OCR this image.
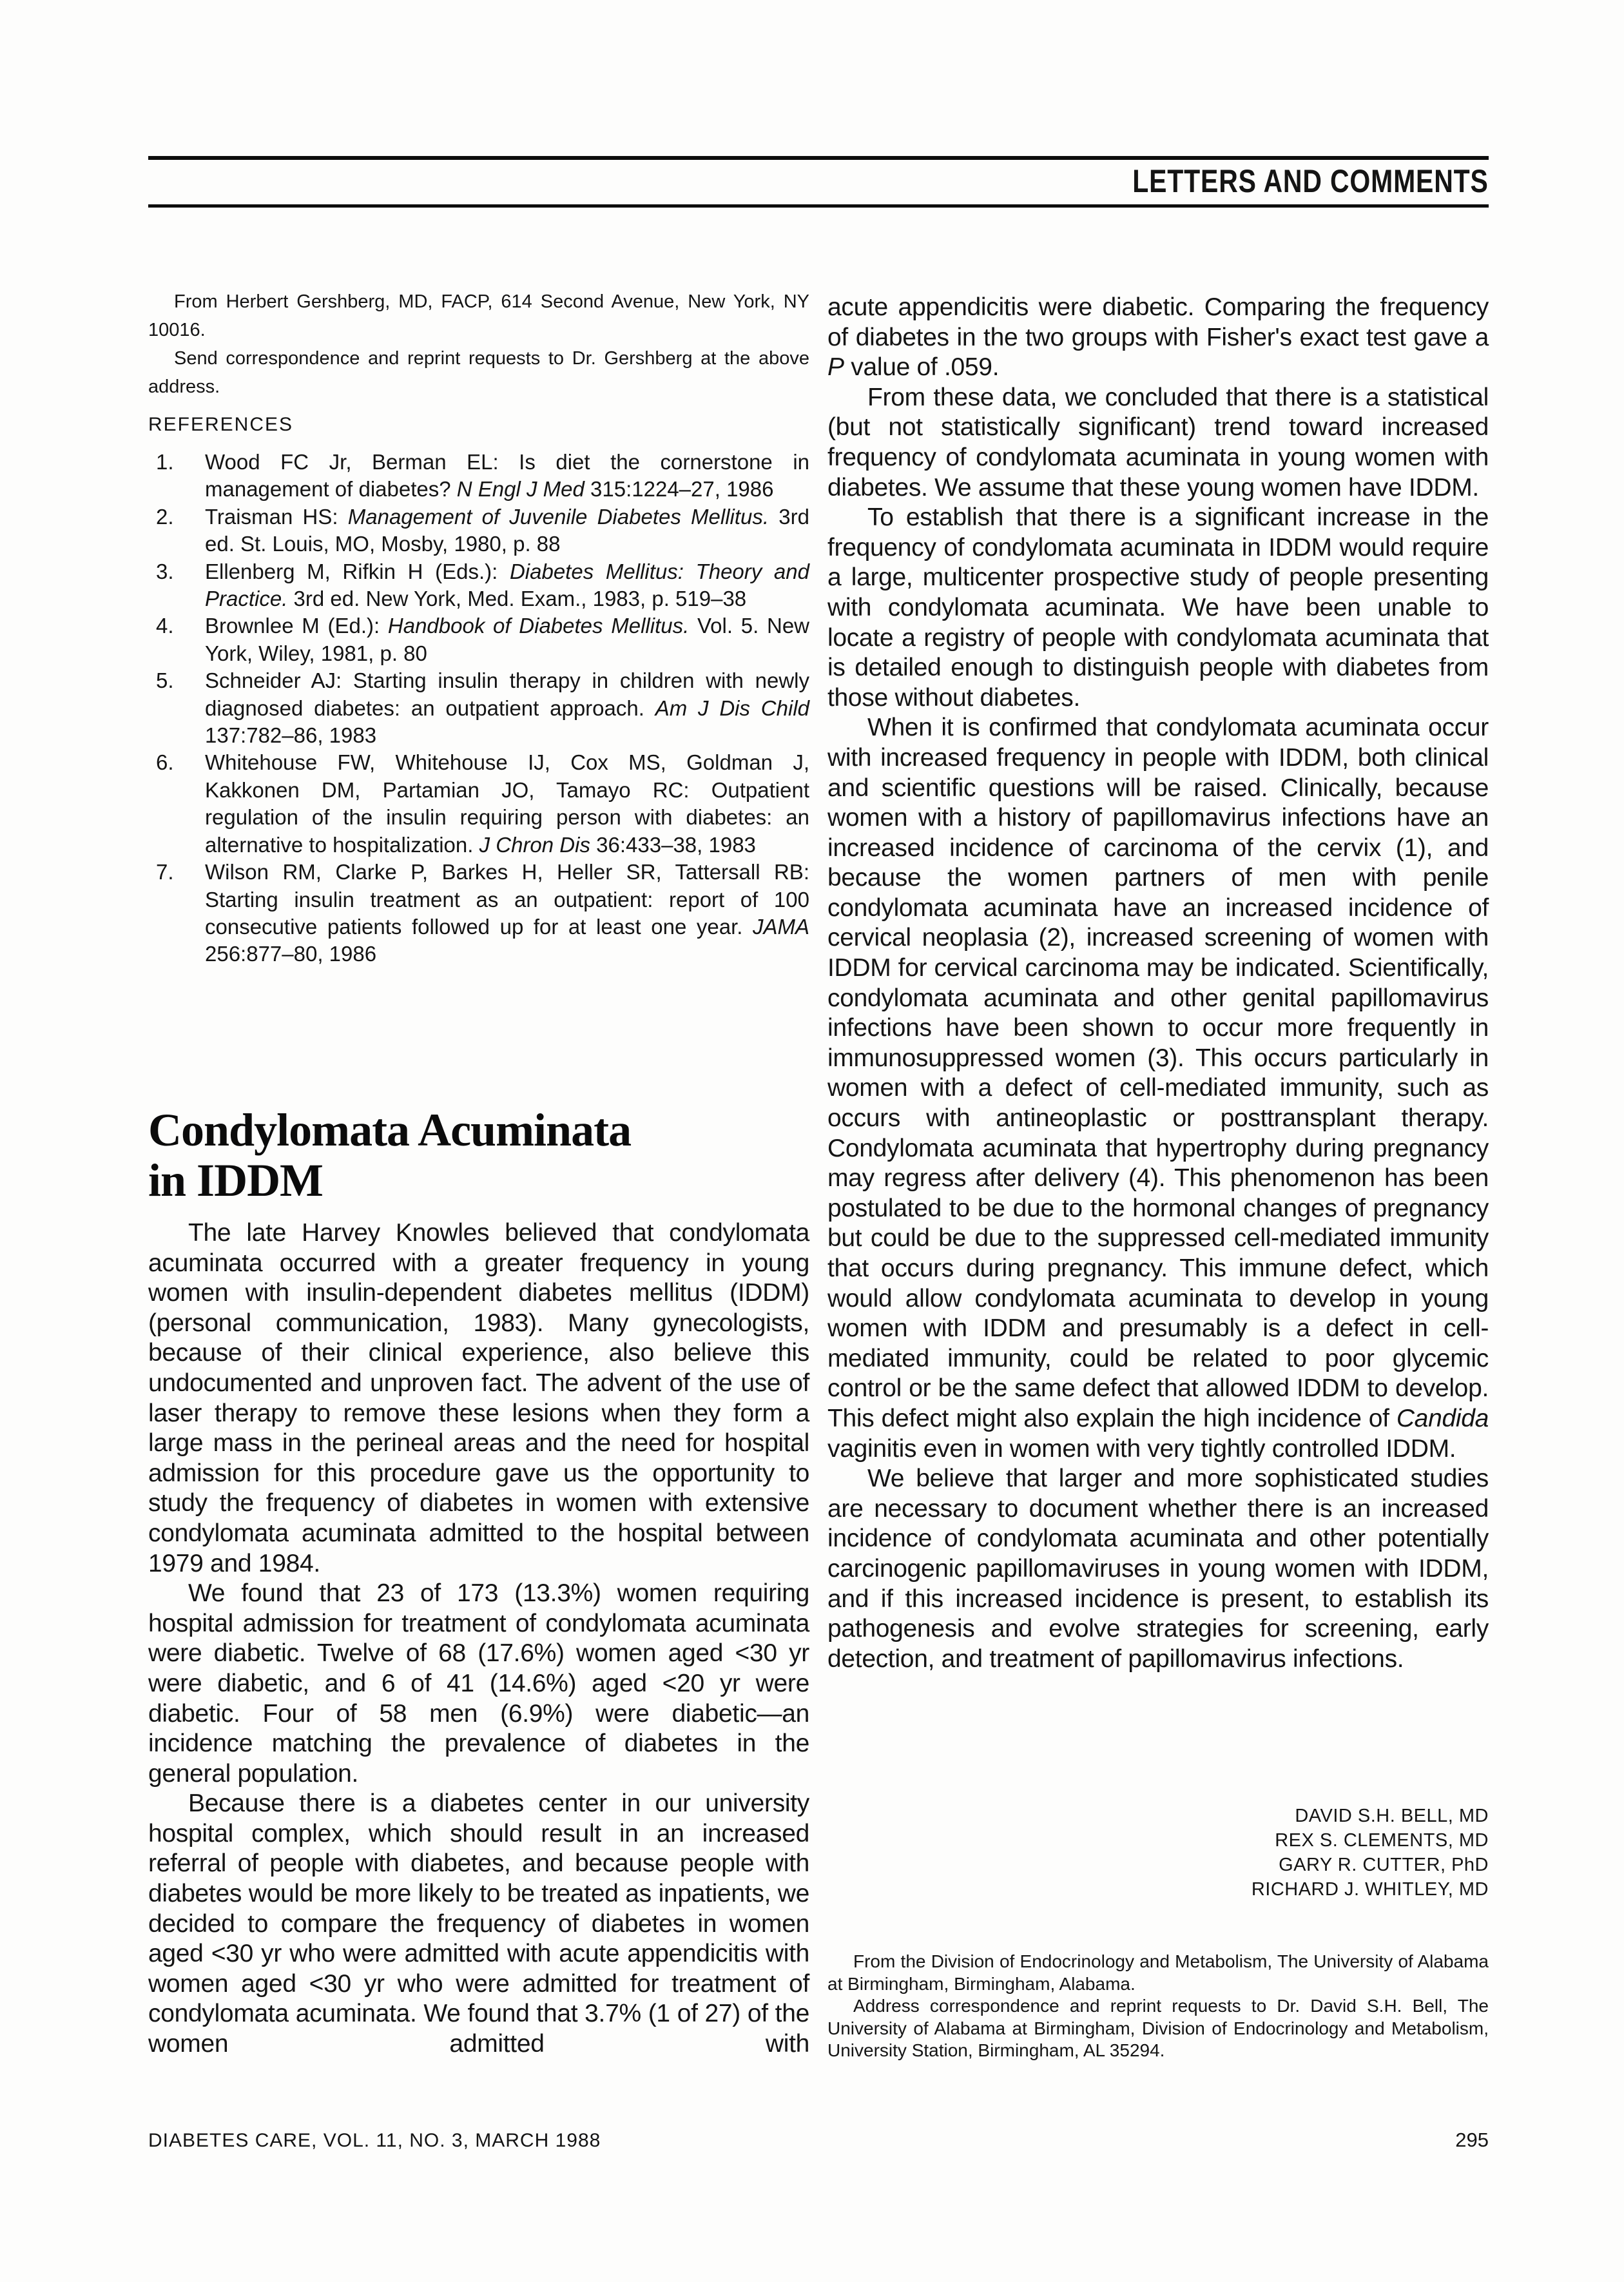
LETTERS AND COMMENTS

From Herbert Gershberg, MD, FACP, 614 Second Avenue, New York, NY 10016.

Send correspondence and reprint requests to Dr. Gershberg at the above address.

REFERENCES
1. Wood FC Jr, Berman EL: Is diet the cornerstone in management of diabetes? N Engl J Med 315:1224–27, 1986
2. Traisman HS: Management of Juvenile Diabetes Mellitus. 3rd ed. St. Louis, MO, Mosby, 1980, p. 88
3. Ellenberg M, Rifkin H (Eds.): Diabetes Mellitus: Theory and Practice. 3rd ed. New York, Med. Exam., 1983, p. 519–38
4. Brownlee M (Ed.): Handbook of Diabetes Mellitus. Vol. 5. New York, Wiley, 1981, p. 80
5. Schneider AJ: Starting insulin therapy in children with newly diagnosed diabetes: an outpatient approach. Am J Dis Child 137:782–86, 1983
6. Whitehouse FW, Whitehouse IJ, Cox MS, Goldman J, Kakkonen DM, Partamian JO, Tamayo RC: Outpatient regulation of the insulin requiring person with diabetes: an alternative to hospitalization. J Chron Dis 36:433–38, 1983
7. Wilson RM, Clarke P, Barkes H, Heller SR, Tattersall RB: Starting insulin treatment as an outpatient: report of 100 consecutive patients followed up for at least one year. JAMA 256:877–80, 1986
Condylomata Acuminata
in IDDM

The late Harvey Knowles believed that condylomata acuminata occurred with a greater frequency in young women with insulin-dependent diabetes mellitus (IDDM) (personal communication, 1983). Many gynecologists, because of their clinical experience, also believe this undocumented and unproven fact. The advent of the use of laser therapy to remove these lesions when they form a large mass in the perineal areas and the need for hospital admission for this procedure gave us the opportunity to study the frequency of diabetes in women with extensive condylomata acuminata admitted to the hospital between 1979 and 1984.

We found that 23 of 173 (13.3%) women requiring hospital admission for treatment of condylomata acuminata were diabetic. Twelve of 68 (17.6%) women aged <30 yr were diabetic, and 6 of 41 (14.6%) aged <20 yr were diabetic. Four of 58 men (6.9%) were diabetic—an incidence matching the prevalence of diabetes in the general population.

Because there is a diabetes center in our university hospital complex, which should result in an increased referral of people with diabetes, and because people with diabetes would be more likely to be treated as inpatients, we decided to compare the frequency of diabetes in women aged <30 yr who were admitted with acute appendicitis with women aged <30 yr who were admitted for treatment of condylomata acuminata. We found that 3.7% (1 of 27) of the women admitted with

acute appendicitis were diabetic. Comparing the frequency of diabetes in the two groups with Fisher's exact test gave a P value of .059.

From these data, we concluded that there is a statistical (but not statistically significant) trend toward increased frequency of condylomata acuminata in young women with diabetes. We assume that these young women have IDDM.

To establish that there is a significant increase in the frequency of condylomata acuminata in IDDM would require a large, multicenter prospective study of people presenting with condylomata acuminata. We have been unable to locate a registry of people with condylomata acuminata that is detailed enough to distinguish people with diabetes from those without diabetes.

When it is confirmed that condylomata acuminata occur with increased frequency in people with IDDM, both clinical and scientific questions will be raised. Clinically, because women with a history of papillomavirus infections have an increased incidence of carcinoma of the cervix (1), and because the women partners of men with penile condylomata acuminata have an increased incidence of cervical neoplasia (2), increased screening of women with IDDM for cervical carcinoma may be indicated. Scientifically, condylomata acuminata and other genital papillomavirus infections have been shown to occur more frequently in immunosuppressed women (3). This occurs particularly in women with a defect of cell-mediated immunity, such as occurs with antineoplastic or posttransplant therapy. Condylomata acuminata that hypertrophy during pregnancy may regress after delivery (4). This phenomenon has been postulated to be due to the hormonal changes of pregnancy but could be due to the suppressed cell-mediated immunity that occurs during pregnancy. This immune defect, which would allow condylomata acuminata to develop in young women with IDDM and presumably is a defect in cell-mediated immunity, could be related to poor glycemic control or be the same defect that allowed IDDM to develop. This defect might also explain the high incidence of Candida vaginitis even in women with very tightly controlled IDDM.

We believe that larger and more sophisticated studies are necessary to document whether there is an increased incidence of condylomata acuminata and other potentially carcinogenic papillomaviruses in young women with IDDM, and if this increased incidence is present, to establish its pathogenesis and evolve strategies for screening, early detection, and treatment of papillomavirus infections.

DAVID S.H. BELL, MD
REX S. CLEMENTS, MD
GARY R. CUTTER, PhD
RICHARD J. WHITLEY, MD

From the Division of Endocrinology and Metabolism, The University of Alabama at Birmingham, Birmingham, Alabama.

Address correspondence and reprint requests to Dr. David S.H. Bell, The University of Alabama at Birmingham, Division of Endocrinology and Metabolism, University Station, Birmingham, AL 35294.

DIABETES CARE, VOL. 11, NO. 3, MARCH 1988	295
